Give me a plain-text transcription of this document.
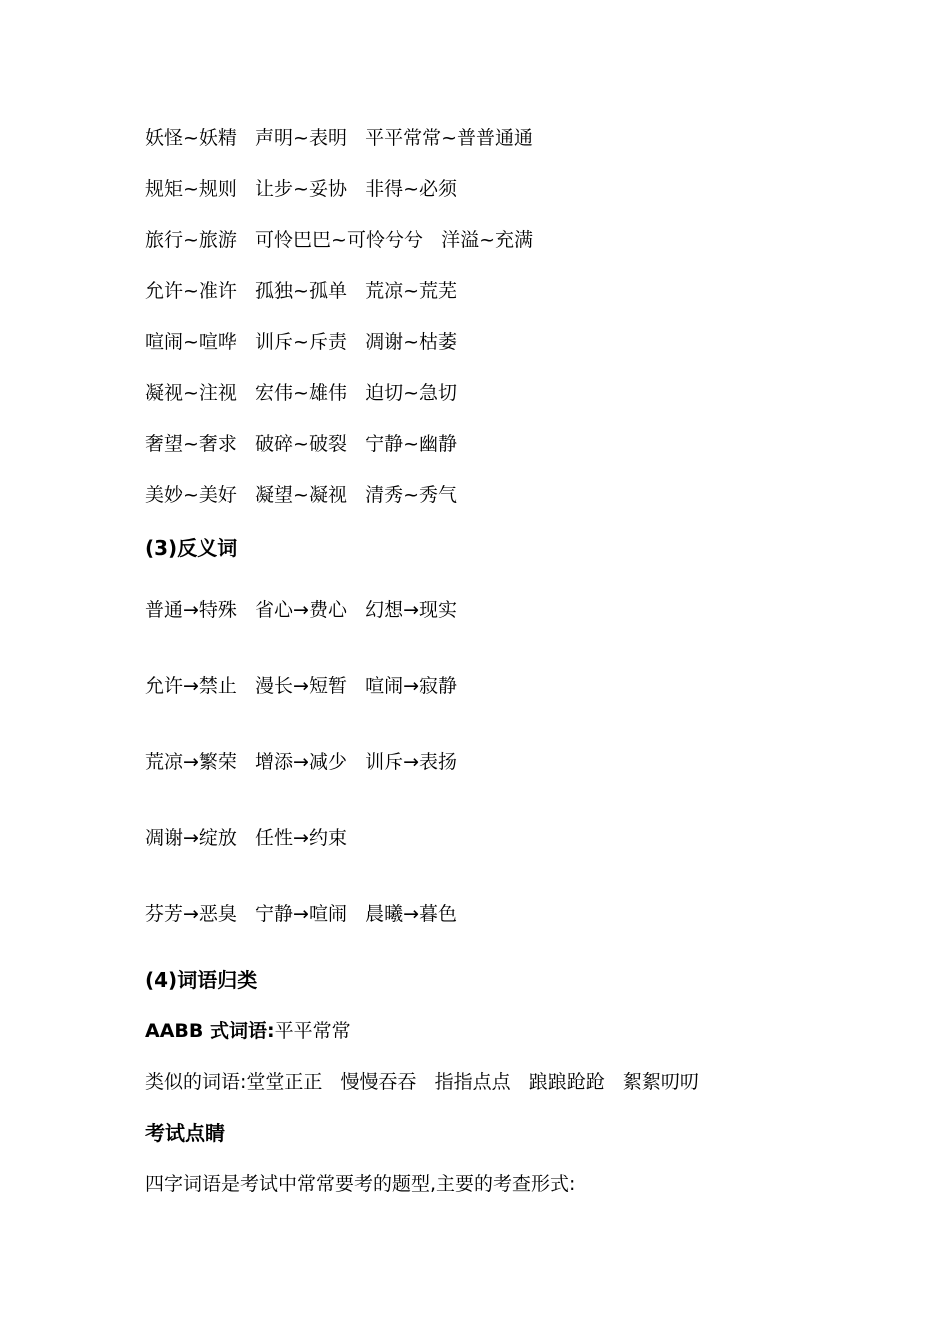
妖怪~妖精   声明~表明   平平常常~普普通通
规矩~规则   让步~妥协   非得~必须
旅行~旅游   可怜巴巴~可怜兮兮   洋溢~充满
允许~准许   孤独~孤单   荒凉~荒芜
喧闹~喧哗   训斥~斥责   凋谢~枯萎
凝视~注视   宏伟~雄伟   迫切~急切
奢望~奢求   破碎~破裂   宁静~幽静
美妙~美好   凝望~凝视   清秀~秀气
(3)反义词
普通→特殊   省心→费心   幻想→现实
允许→禁止   漫长→短暂   喧闹→寂静
荒凉→繁荣   增添→减少   训斥→表扬
凋谢→绽放   任性→约束
芬芳→恶臭   宁静→喧闹   晨曦→暮色
(4)词语归类
AABB 式词语:平平常常
类似的词语:堂堂正正   慢慢吞吞   指指点点   踉踉跄跄   絮絮叨叨
考试点睛
四字词语是考试中常常要考的题型,主要的考查形式:
